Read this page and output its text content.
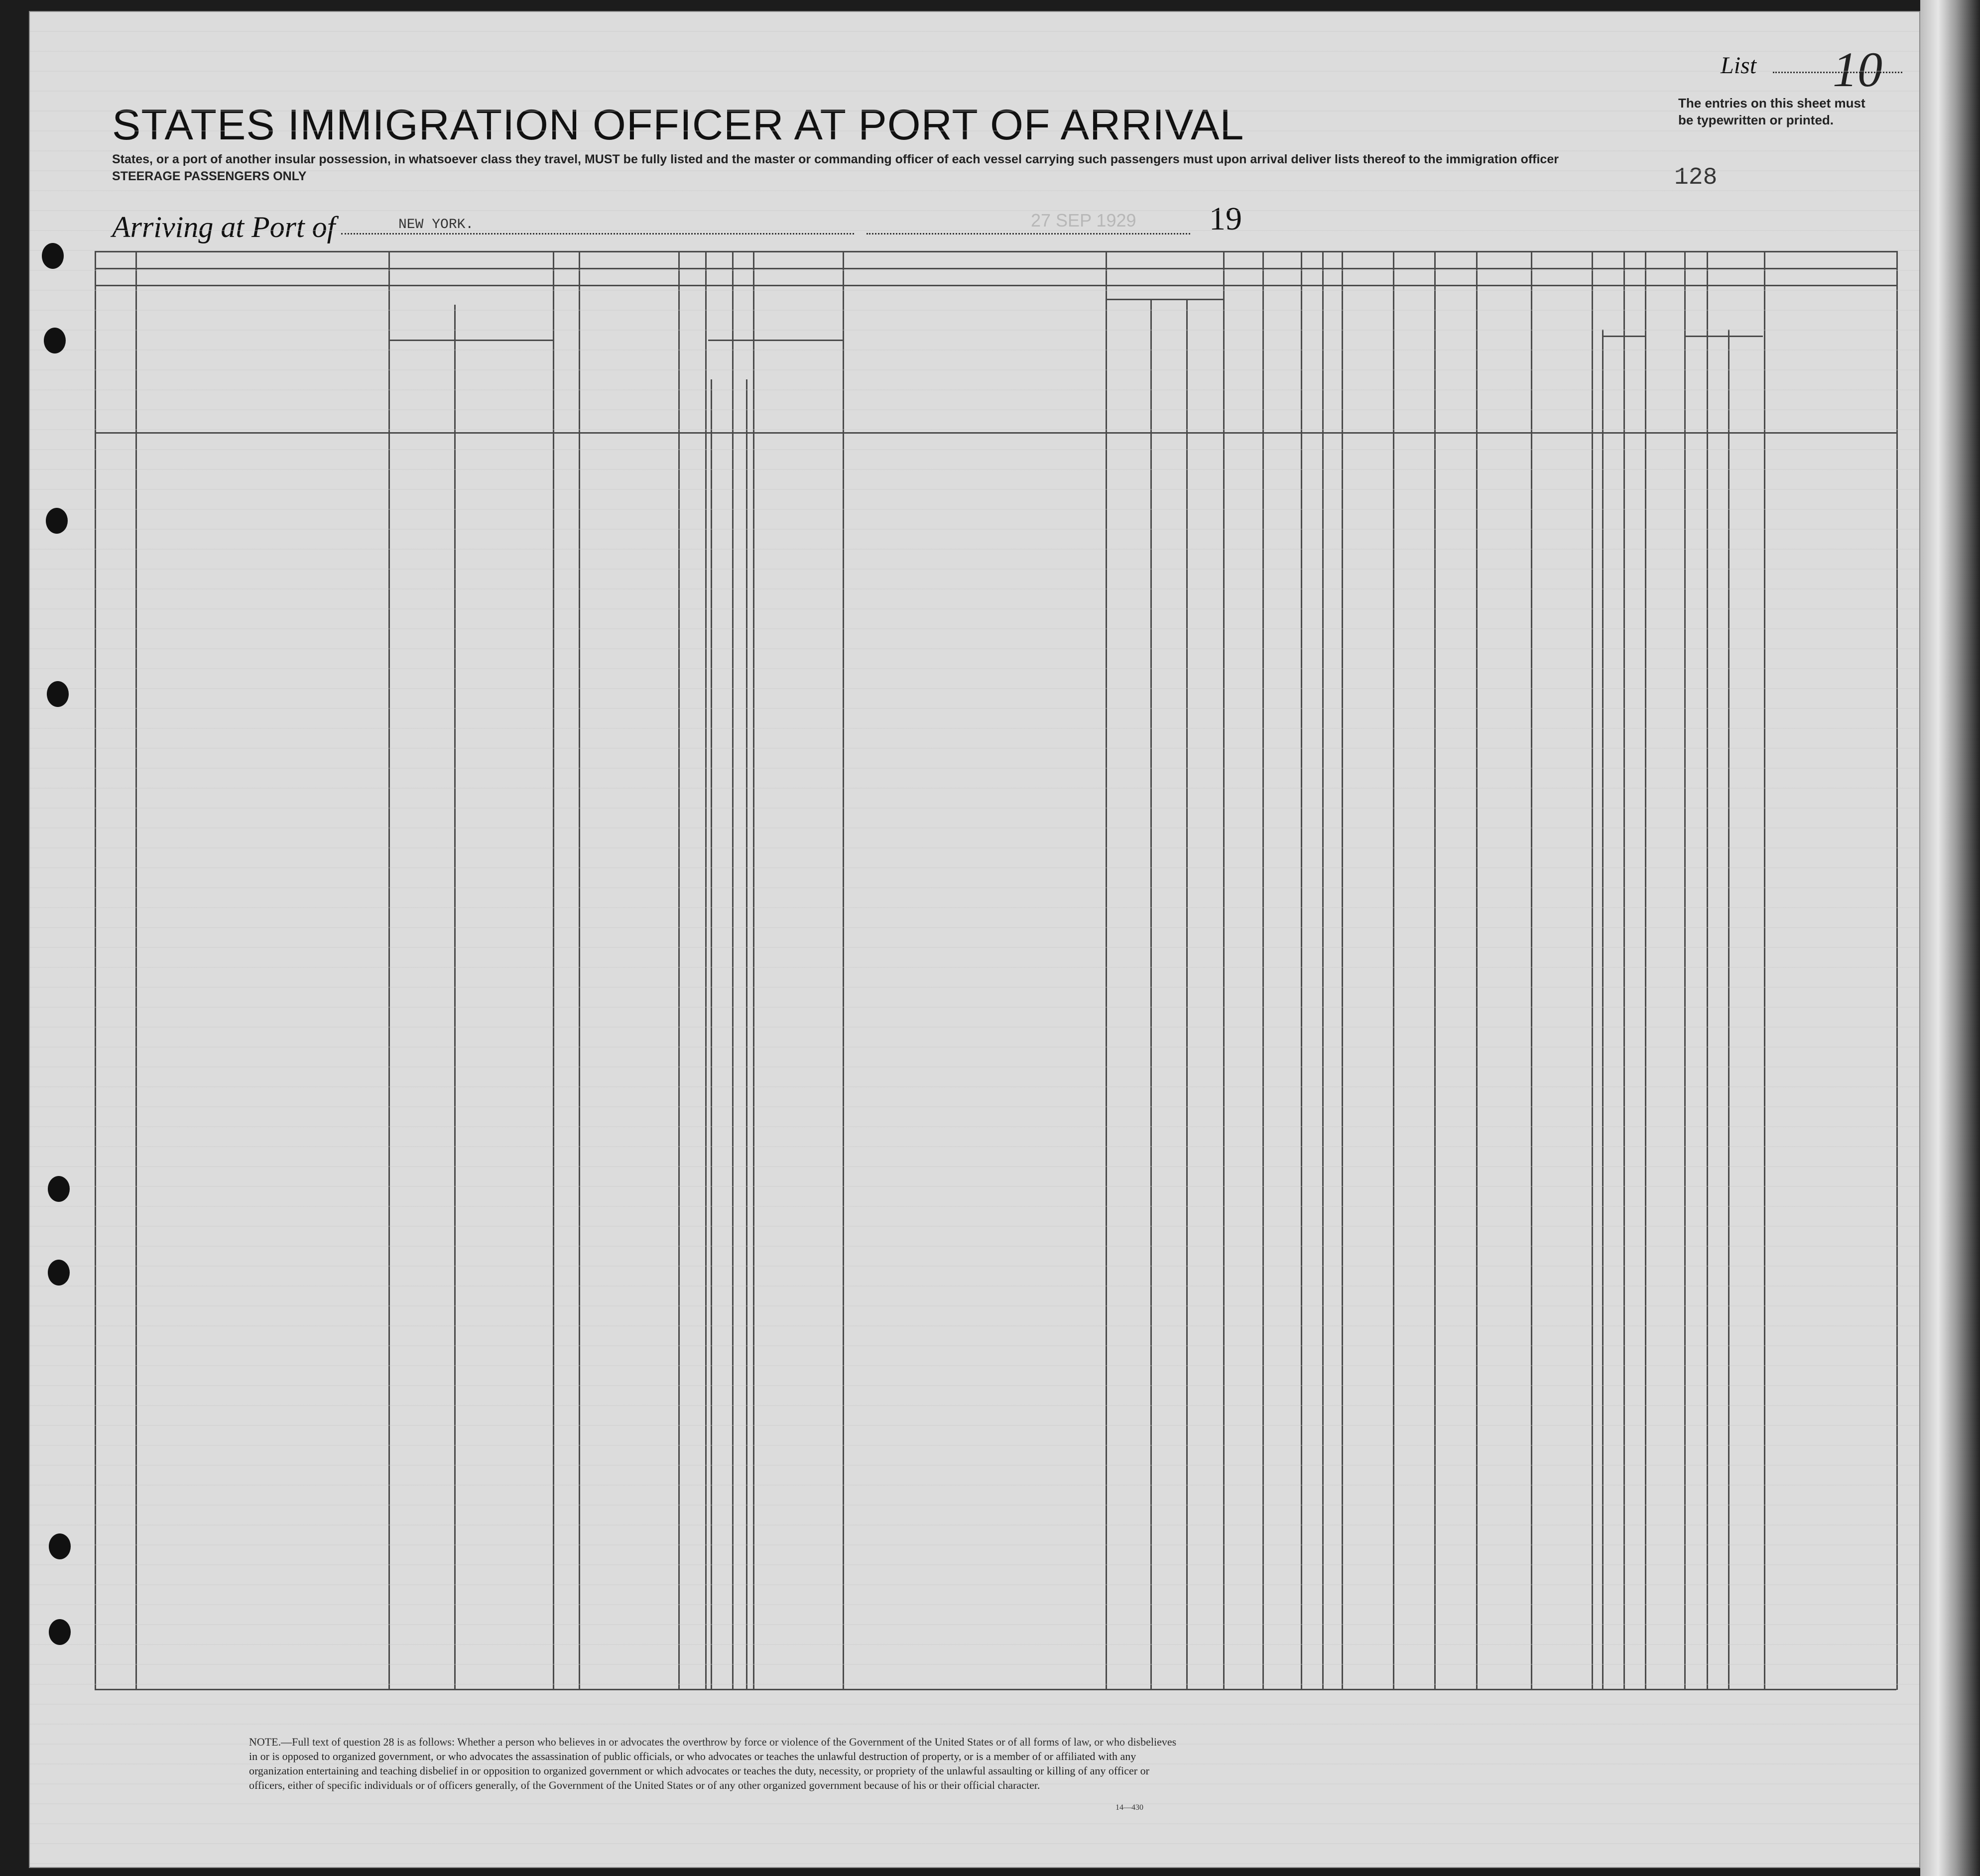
STATES IMMIGRATION OFFICER AT PORT OF ARRIVAL
States, or a port of another insular possession, in whatsoever class they travel, MUST be fully listed and the master or commanding officer of each vessel carrying such passengers must upon arrival deliver lists thereof to the immigration officer
STEERAGE PASSENGERS ONLY
Arriving at Port of	NEW YORK.	27 SEP 1929 19
List 10
The entries on this sheet must
be typewritten or printed.
128
NOTE.—Full text of question 28 is as follows: Whether a person who believes in or advocates the overthrow by force or violence of the Government of the United States or of all forms of law, or who disbelieves in or is opposed to organized government, or who advocates the assassination of public officials, or who advocates or teaches the unlawful destruction of property, or is a member of or affiliated with any organization entertaining and teaching disbelief in or opposition to organized government or which advocates or teaches the duty, necessity, or propriety of the unlawful assaulting or killing of any officer or officers, either of specific individuals or of officers generally, of the Government of the United States or of any other organized government because of his or their official character.
14—430
